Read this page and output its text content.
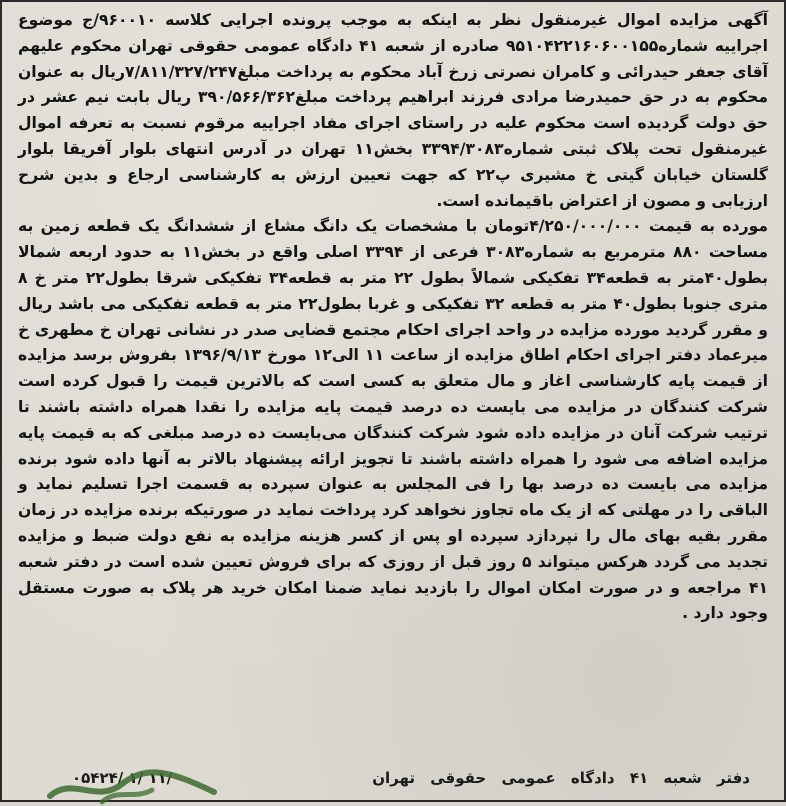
آگهی مزایده اموال غیرمنقول نظر به اینکه به موجب پرونده اجرایی کلاسه ۹۶۰۰۱۰/ج موضوع اجراییه شماره۹۵۱۰۴۲۲۱۶۰۶۰۰۱۵۵ صادره از شعبه ۴۱ دادگاه عمومی حقوقی تهران محکوم علیهم آقای جعفر حیدرائی و کامران نصرتی زرخ آباد محکوم به پرداخت مبلغ۷/۸۱۱/۳۲۷/۲۴۷ریال به عنوان محکوم به در حق حمیدرضا مرادی فرزند ابراهیم پرداخت مبلغ۳۹۰/۵۶۶/۳۶۲ ریال بابت نیم عشر در حق دولت گردیده است محکوم علیه در راستای اجرای مفاد اجراییه مرقوم نسبت به تعرفه اموال غیرمنقول تحت پلاک ثبتی شماره۳۳۹۴/۳۰۸۳ بخش۱۱ تهران در آدرس انتهای بلوار آفریقا بلوار گلستان خیابان گیتی خ مشیری پ۲۲ که جهت تعیین ارزش به کارشناسی ارجاع و بدین شرح ارزیابی و مصون از اعتراض باقیمانده است.

مورده به قیمت ۴/۲۵۰/۰۰۰/۰۰۰تومان با مشخصات یک دانگ مشاع از ششدانگ یک قطعه زمین به مساحت ۸۸۰ مترمربع به شماره۳۰۸۳ فرعی از ۳۳۹۴ اصلی واقع در بخش۱۱ به حدود اربعه شمالا بطول۴۰متر به قطعه۳۴ تفکیکی شمالاً بطول ۲۲ متر به قطعه۳۴ تفکیکی شرقا بطول۲۲ متر خ ۸ متری جنوبا بطول۴۰ متر به قطعه ۳۲ تفکیکی و غربا بطول۲۲ متر به قطعه تفکیکی می باشد ریال و مقرر گردید مورده مزایده در واحد اجرای احکام مجتمع قضایی صدر در نشانی تهران خ مطهری خ میرعماد دفتر اجرای احکام اطاق مزایده از ساعت ۱۱ الی۱۲ مورخ ۱۳۹۶/۹/۱۳ بفروش برسد مزایده از قیمت پایه کارشناسی اغاز و مال متعلق به کسی است که بالاترین قیمت را قبول کرده است شرکت کنندگان در مزایده می بایست ده درصد قیمت پایه مزایده را نقدا همراه داشته باشند تا ترتیب شرکت آنان در مزایده داده شود شرکت کنندگان می‌بایست ده درصد مبلغی که به قیمت پایه مزایده اضافه می شود را همراه داشته باشند تا تجویز ارائه پیشنهاد بالاتر به آنها داده شود برنده مزایده می بایست ده درصد بها را فی المجلس به عنوان سپرده به قسمت اجرا تسلیم نماید و الباقی را در مهلتی که از یک ماه تجاوز نخواهد کرد پرداخت نماید در صورتیکه برنده مزایده در زمان مقرر بقیه بهای مال را نپردازد سپرده او پس از کسر هزینه مزایده به نفع دولت ضبط و مزایده تجدید می گردد هرکس میتواند ۵ روز قبل از روزی که برای فروش تعیین شده است در دفتر شعبه ۴۱ مراجعه و در صورت امکان اموال را بازدید نماید ضمنا امکان خرید هر پلاک به صورت مستقل وجود دارد .

دفتر شعبه ۴۱ دادگاه عمومی حقوقی تهران
۰۵۴۲۴/ ۱/ ۱۱/
